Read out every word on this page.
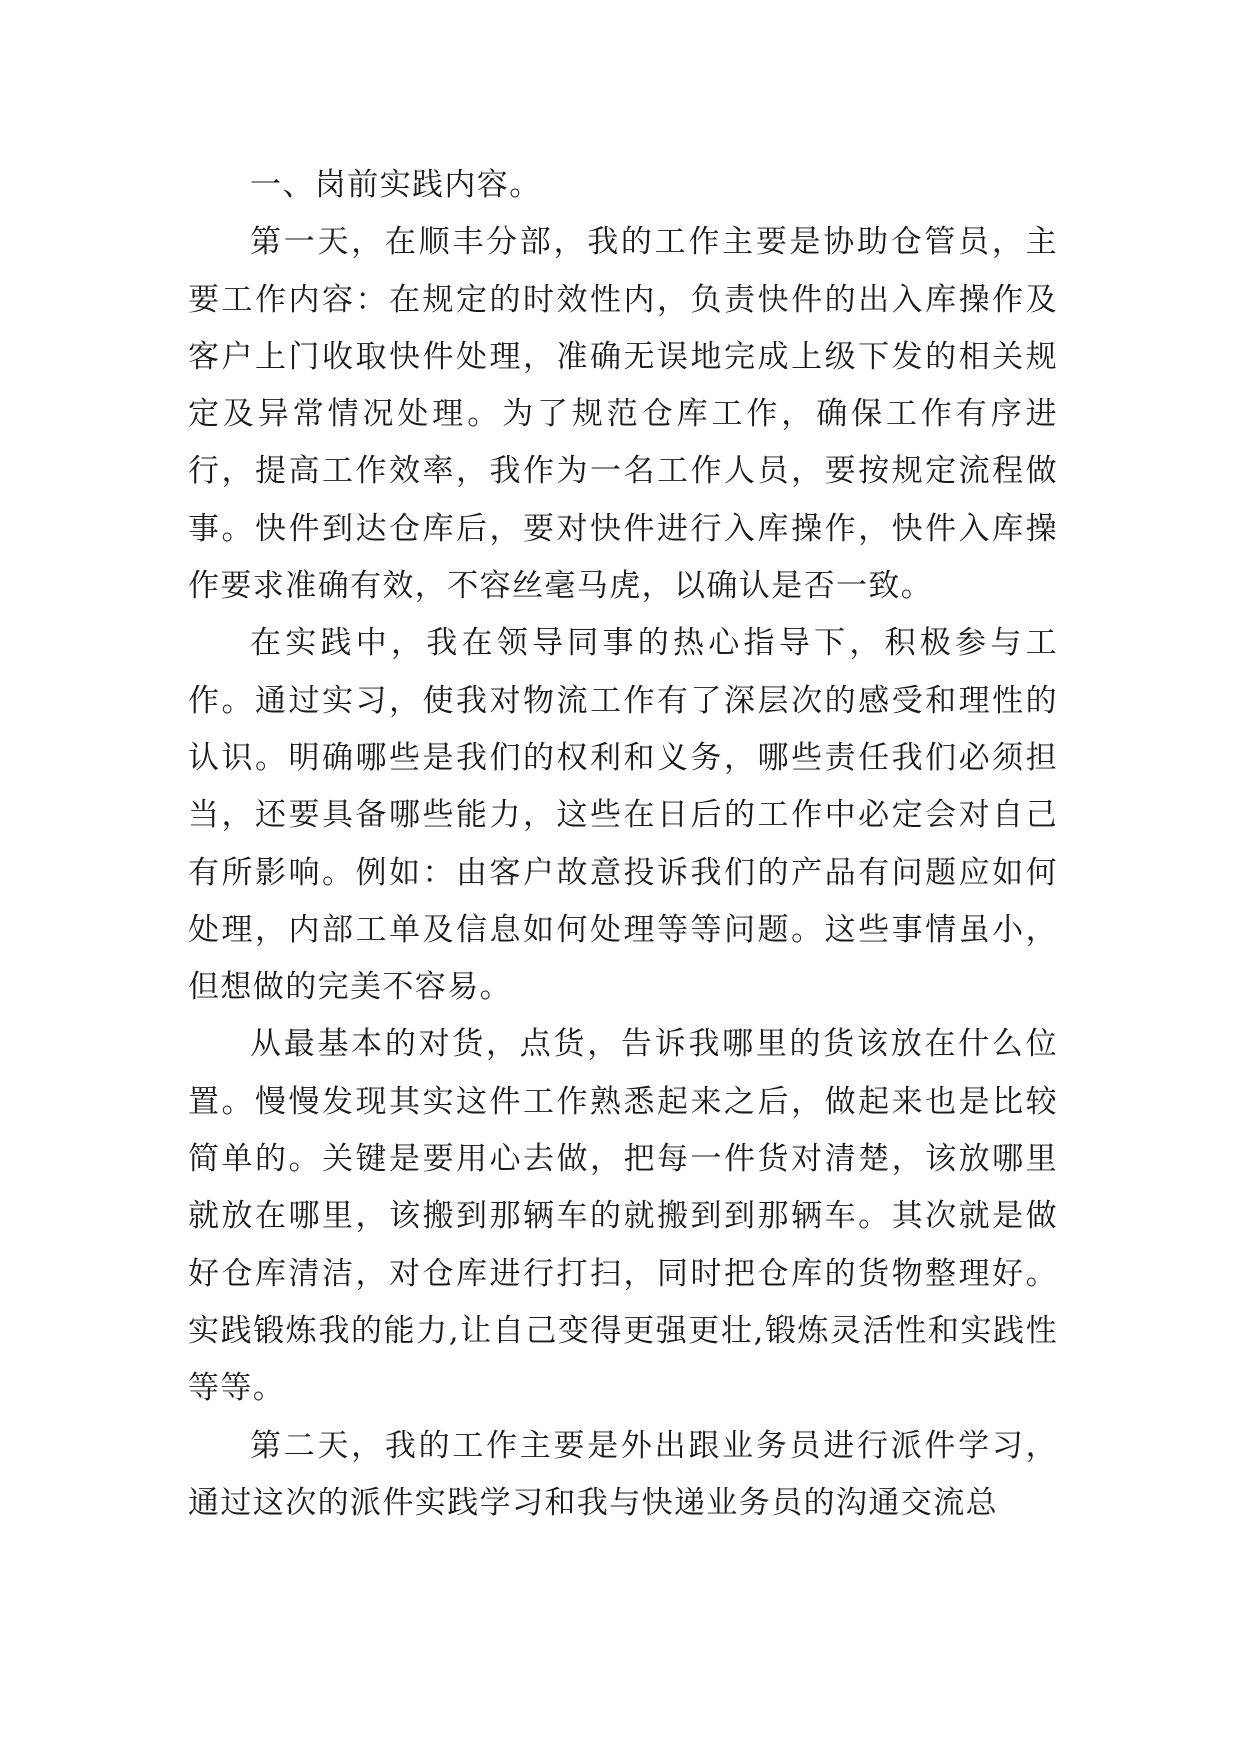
一、岗前实践内容。

第一天，在顺丰分部，我的工作主要是协助仓管员，主要工作内容：在规定的时效性内，负责快件的出入库操作及客户上门收取快件处理，准确无误地完成上级下发的相关规定及异常情况处理。为了规范仓库工作，确保工作有序进行，提高工作效率，我作为一名工作人员，要按规定流程做事。快件到达仓库后，要对快件进行入库操作，快件入库操作要求准确有效，不容丝毫马虎，以确认是否一致。

在实践中，我在领导同事的热心指导下，积极参与工作。通过实习，使我对物流工作有了深层次的感受和理性的认识。明确哪些是我们的权利和义务，哪些责任我们必须担当，还要具备哪些能力，这些在日后的工作中必定会对自己有所影响。例如：由客户故意投诉我们的产品有问题应如何处理，内部工单及信息如何处理等等问题。这些事情虽小，但想做的完美不容易。

从最基本的对货，点货，告诉我哪里的货该放在什么位置。慢慢发现其实这件工作熟悉起来之后，做起来也是比较简单的。关键是要用心去做，把每一件货对清楚，该放哪里就放在哪里，该搬到那辆车的就搬到到那辆车。其次就是做好仓库清洁，对仓库进行打扫，同时把仓库的货物整理好。实践锻炼我的能力,让自己变得更强更壮,锻炼灵活性和实践性等等。

第二天，我的工作主要是外出跟业务员进行派件学习，通过这次的派件实践学习和我与快递业务员的沟通交流总
